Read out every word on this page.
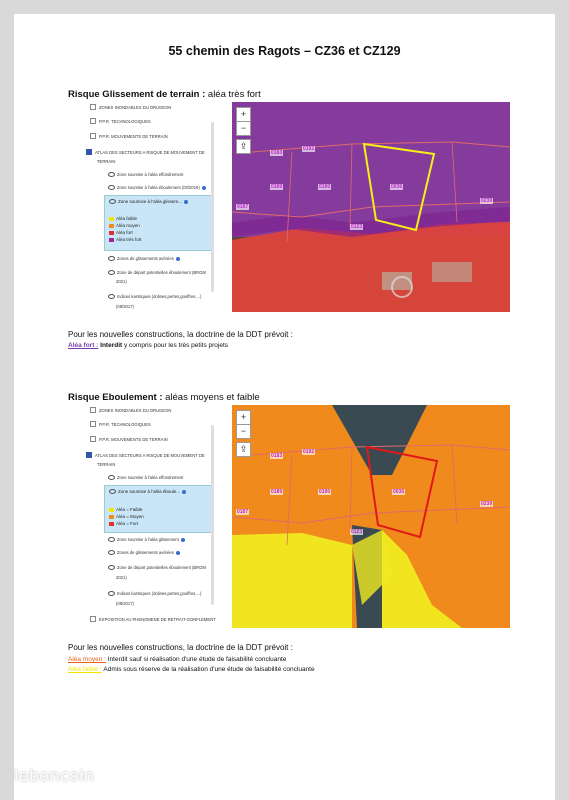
55 chemin des Ragots – CZ36 et CZ129
Risque Glissement de terrain : aléa très fort
ZONES INONDABLES DU DRUGEON
P.P.R. TECHNOLOGIQUES
P.P.R. MOUVEMENTS DE TERRAIN
ATLAS DES SECTEURS A RISQUE DE MOUVEMENT DE
TERRAIN
Zone soumise à l'aléa effondrement
Zone soumise à l'aléa éboulement (03/2019)
Zone soumise à l'aléa glissem...
Aléa faible
Aléa moyen
Aléa fort
Aléa très fort
Zones de glissements avérées
Zone de départ potentielles éboulement (BRGM
2021)
Indices karstiques (dolines,pertes,gouffres,...)
(08/2017)
+
−
⇪
0183
0192
0189	0190	0036
0187
0239
0123
Pour les nouvelles constructions, la doctrine de la DDT prévoit :
Aléa fort : Interdit y compris pour les très petits projets
Risque Eboulement : aléas moyens et faible
ZONES INONDABLES DU DRUGEON
P.P.R. TECHNOLOGIQUES
P.P.R. MOUVEMENTS DE TERRAIN
ATLAS DES SECTEURS A RISQUE DE MOUVEMENT DE
TERRAIN
Zone soumise à l'aléa effondrement
Zone soumise à l'aléa éboule...
Aléa = Faible
Aléa = Moyen
Aléa = Fort
Zone soumise à l'aléa glissement
Zones de glissements avérées
Zone de départ potentielles éboulement (BRGM
2021)
Indices karstiques (dolines,pertes,gouffres,...)
(08/2017)
EXPOSITION AU PHENOMENE DE RETRAIT-GONFLEMENT
+
−
⇪
0183
0192
0189	0190	0036
0187
0239
0123
Pour les nouvelles constructions, la doctrine de la DDT prévoit :
Aléa moyen : Interdit sauf si réalisation d'une étude de faisabilité concluante
Aléa faible : Admis sous réserve de la réalisation d'une étude de faisabilité concluante
leboncoin
